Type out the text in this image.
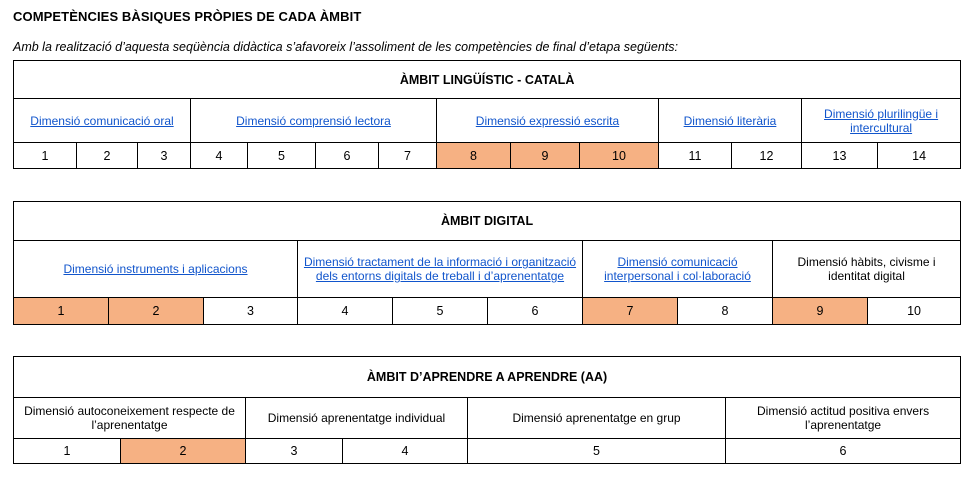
COMPETÈNCIES BÀSIQUES PRÒPIES DE CADA ÀMBIT
Amb la realització d’aquesta seqüència didàctica s’afavoreix l’assoliment de les competències de final d’etapa següents:
ÀMBIT LINGÜÍSTIC - CATALÀ													
Dimensió comunicació oral			Dimensió comprensió lectora				Dimensió expressió escrita			Dimensió literària		Dimensió plurilingüe i intercultural	
1	2	3	4	5	6	7	8	9	10	11	12	13	14
ÀMBIT DIGITAL									
Dimensió instruments i aplicacions			Dimensió tractament de la informació i organització dels entorns digitals de treball i d’aprenentatge			Dimensió comunicació interpersonal i col·laboració		Dimensió hàbits, civisme i identitat digital	
1	2	3	4	5	6	7	8	9	10
ÀMBIT D’APRENDRE A APRENDRE (AA)					
Dimensió autoconeixement respecte de l’aprenentatge		Dimensió aprenentatge individual		Dimensió aprenentatge en grup	Dimensió actitud positiva envers l’aprenentatge
1	2	3	4	5	6
